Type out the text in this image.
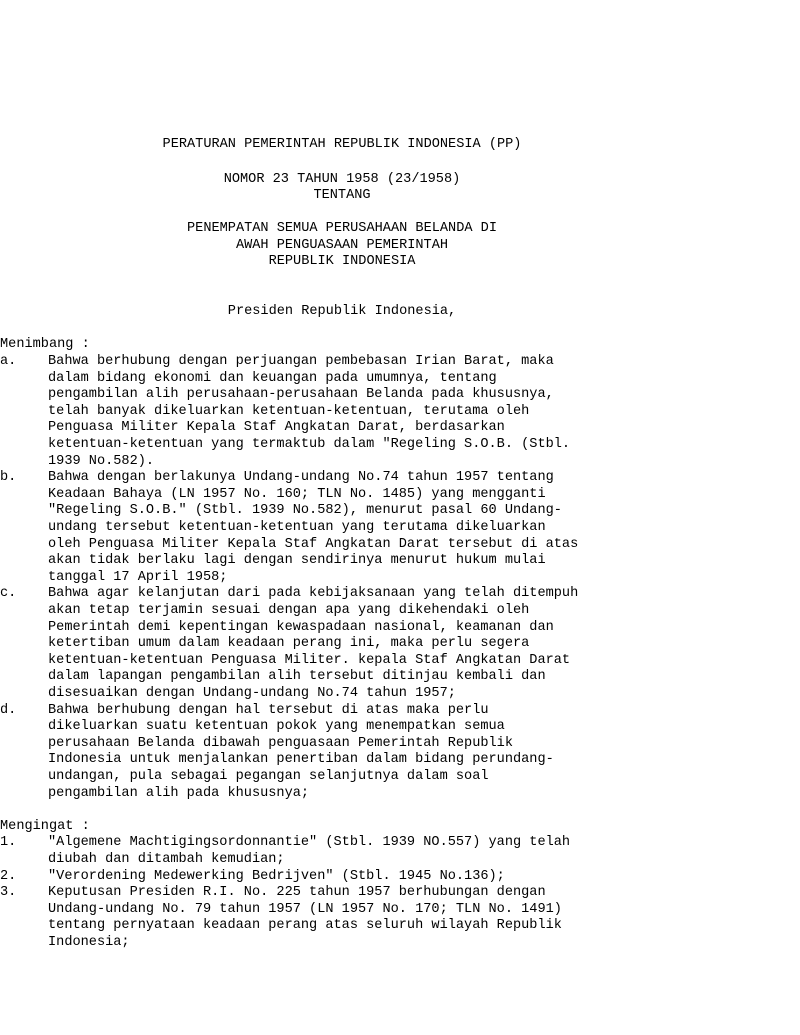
PERATURAN PEMERINTAH REPUBLIK INDONESIA (PP)
NOMOR 23 TAHUN 1958 (23/1958)
TENTANG
PENEMPATAN SEMUA PERUSAHAAN BELANDA DI
AWAH PENGUASAAN PEMERINTAH
REPUBLIK INDONESIA
Presiden Republik Indonesia,
Menimbang :
a. Bahwa berhubung dengan perjuangan pembebasan Irian Barat, maka
dalam bidang ekonomi dan keuangan pada umumnya, tentang
pengambilan alih perusahaan-perusahaan Belanda pada khususnya,
telah banyak dikeluarkan ketentuan-ketentuan, terutama oleh
Penguasa Militer Kepala Staf Angkatan Darat, berdasarkan
ketentuan-ketentuan yang termaktub dalam "Regeling S.O.B. (Stbl.
1939 No.582).
b. Bahwa dengan berlakunya Undang-undang No.74 tahun 1957 tentang
Keadaan Bahaya (LN 1957 No. 160; TLN No. 1485) yang mengganti
"Regeling S.O.B." (Stbl. 1939 No.582), menurut pasal 60 Undang-
undang tersebut ketentuan-ketentuan yang terutama dikeluarkan
oleh Penguasa Militer Kepala Staf Angkatan Darat tersebut di atas
akan tidak berlaku lagi dengan sendirinya menurut hukum mulai
tanggal 17 April 1958;
c. Bahwa agar kelanjutan dari pada kebijaksanaan yang telah ditempuh
akan tetap terjamin sesuai dengan apa yang dikehendaki oleh
Pemerintah demi kepentingan kewaspadaan nasional, keamanan dan
ketertiban umum dalam keadaan perang ini, maka perlu segera
ketentuan-ketentuan Penguasa Militer. kepala Staf Angkatan Darat
dalam lapangan pengambilan alih tersebut ditinjau kembali dan
disesuaikan dengan Undang-undang No.74 tahun 1957;
d. Bahwa berhubung dengan hal tersebut di atas maka perlu
dikeluarkan suatu ketentuan pokok yang menempatkan semua
perusahaan Belanda dibawah penguasaan Pemerintah Republik
Indonesia untuk menjalankan penertiban dalam bidang perundang-
undangan, pula sebagai pegangan selanjutnya dalam soal
pengambilan alih pada khususnya;
Mengingat :
1. "Algemene Machtigingsordonnantie" (Stbl. 1939 NO.557) yang telah
diubah dan ditambah kemudian;
2. "Verordening Medewerking Bedrijven" (Stbl. 1945 No.136);
3. Keputusan Presiden R.I. No. 225 tahun 1957 berhubungan dengan
Undang-undang No. 79 tahun 1957 (LN 1957 No. 170; TLN No. 1491)
tentang pernyataan keadaan perang atas seluruh wilayah Republik
Indonesia;
